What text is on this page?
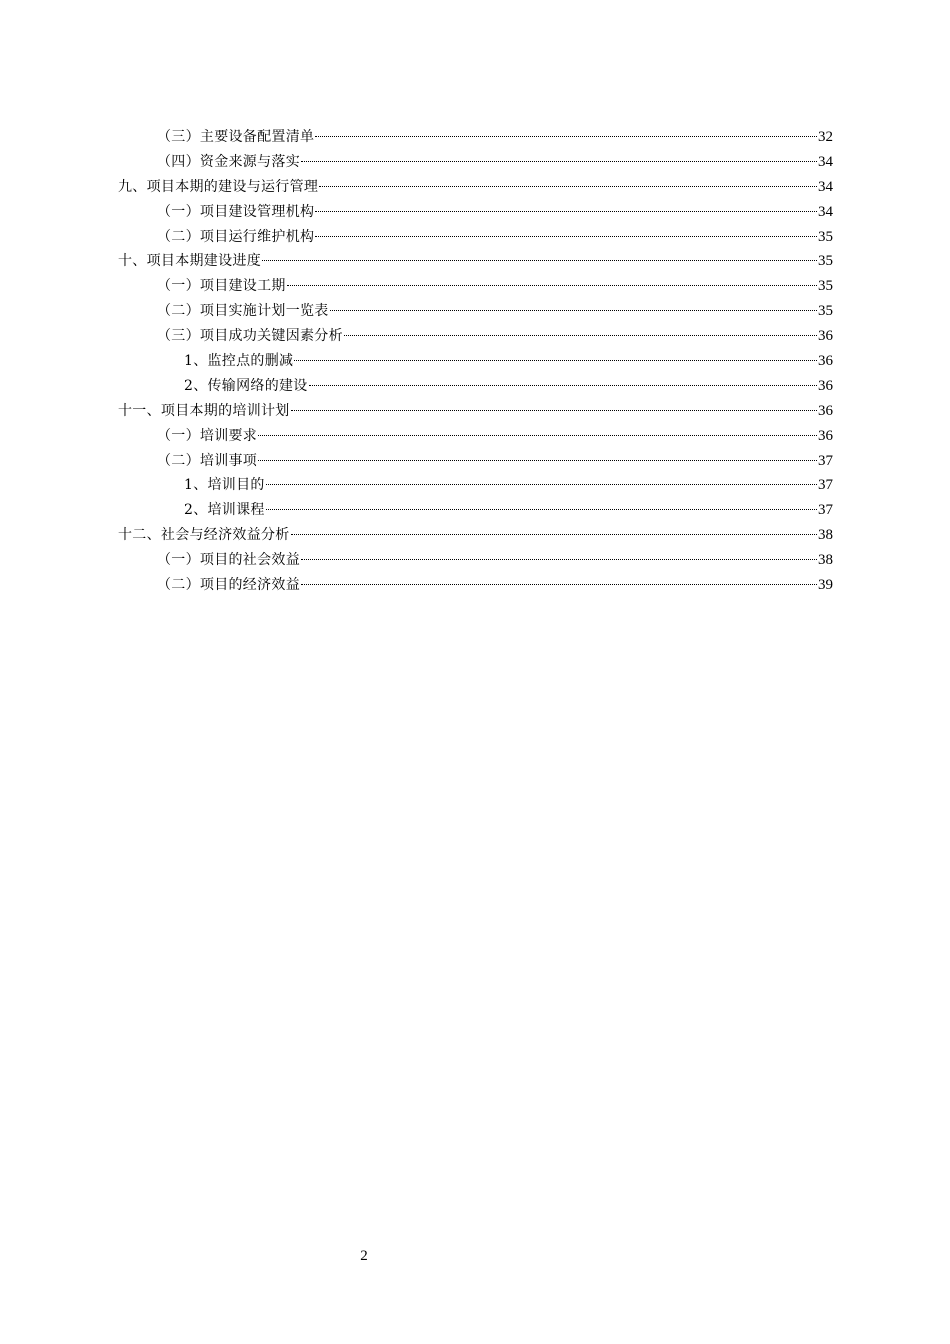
（三）主要设备配置清单	32
（四）资金来源与落实	34
九、项目本期的建设与运行管理	34
（一）项目建设管理机构	34
（二）项目运行维护机构	35
十、项目本期建设进度	35
（一）项目建设工期	35
（二）项目实施计划一览表	35
（三）项目成功关键因素分析	36
1、监控点的删减	36
2、传输网络的建设	36
十一、项目本期的培训计划	36
（一）培训要求	36
（二）培训事项	37
1、培训目的	37
2、培训课程	37
十二、社会与经济效益分析	38
（一）项目的社会效益	38
（二）项目的经济效益	39
2
